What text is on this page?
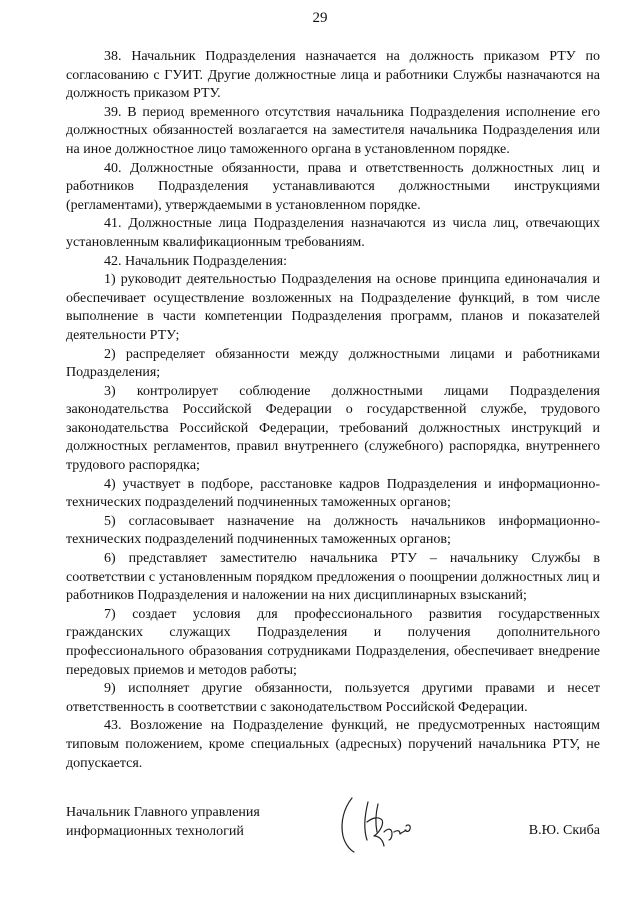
29

38. Начальник Подразделения назначается на должность приказом РТУ по согласованию с ГУИТ. Другие должностные лица и работники Службы назначаются на должность приказом РТУ.

39. В период временного отсутствия начальника Подразделения исполнение его должностных обязанностей возлагается на заместителя начальника Подразделения или на иное должностное лицо таможенного органа в установленном порядке.

40. Должностные обязанности, права и ответственность должностных лиц и работников Подразделения устанавливаются должностными инструкциями (регламентами), утверждаемыми в установленном порядке.

41. Должностные лица Подразделения назначаются из числа лиц, отвечающих установленным квалификационным требованиям.

42. Начальник Подразделения:

1) руководит деятельностью Подразделения на основе принципа единоначалия и обеспечивает осуществление возложенных на Подразделение функций, в том числе выполнение в части компетенции Подразделения программ, планов и показателей деятельности РТУ;

2) распределяет обязанности между должностными лицами и работниками Подразделения;

3) контролирует соблюдение должностными лицами Подразделения законодательства Российской Федерации о государственной службе, трудового законодательства Российской Федерации, требований должностных инструкций и должностных регламентов, правил внутреннего (служебного) распорядка, внутреннего трудового распорядка;

4) участвует в подборе, расстановке кадров Подразделения и информационно-технических подразделений подчиненных таможенных органов;

5) согласовывает назначение на должность начальников информационно-технических подразделений подчиненных таможенных органов;

6) представляет заместителю начальника РТУ – начальнику Службы в соответствии с установленным порядком предложения о поощрении должностных лиц и работников Подразделения и наложении на них дисциплинарных взысканий;

7) создает условия для профессионального развития государственных гражданских служащих Подразделения и получения дополнительного профессионального образования сотрудниками Подразделения, обеспечивает внедрение передовых приемов и методов работы;

9) исполняет другие обязанности, пользуется другими правами и несет ответственность в соответствии с законодательством Российской Федерации.

43. Возложение на Подразделение функций, не предусмотренных настоящим типовым положением, кроме специальных (адресных) поручений начальника РТУ, не допускается.

Начальник Главного управления
информационных технологий	В.Ю. Скиба
